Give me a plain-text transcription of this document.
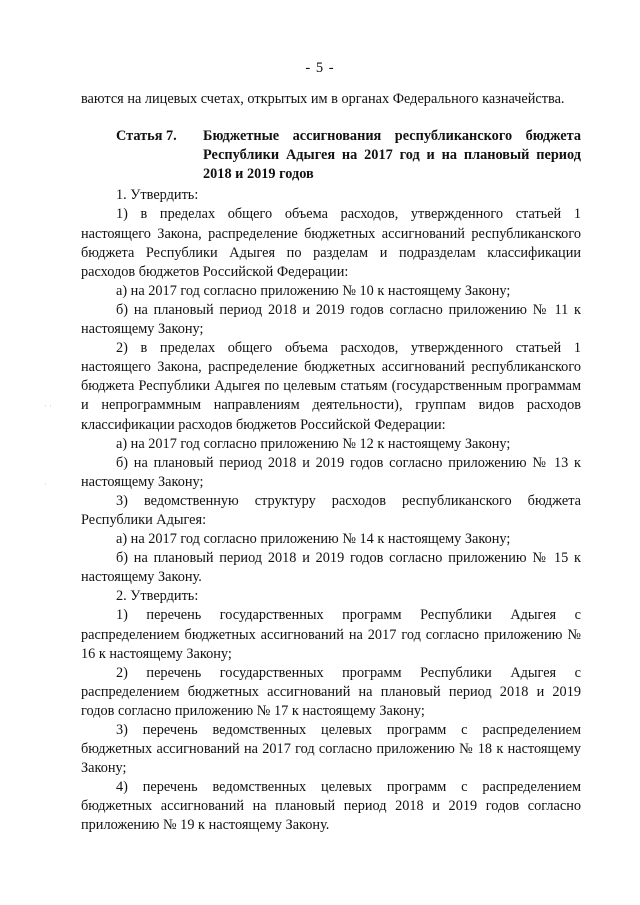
- 5 -

ваются на лицевых счетах, открытых им в органах Федерального казначейства.

Статья 7.	Бюджетные ассигнования республиканского бюджета Республики Адыгея на 2017 год и на плановый период 2018 и 2019 годов

1. Утвердить:

1) в пределах общего объема расходов, утвержденного статьей 1 настоящего Закона, распределение бюджетных ассигнований республиканского бюджета Республики Адыгея по разделам и подразделам классификации расходов бюджетов Российской Федерации:

а) на 2017 год согласно приложению № 10 к настоящему Закону;

б) на плановый период 2018 и 2019 годов согласно приложению № 11 к настоящему Закону;

2) в пределах общего объема расходов, утвержденного статьей 1 настоящего Закона, распределение бюджетных ассигнований республиканского бюджета Республики Адыгея по целевым статьям (государственным программам и непрограммным направлениям деятельности), группам видов расходов классификации расходов бюджетов Российской Федерации:

а) на 2017 год согласно приложению № 12 к настоящему Закону;

б) на плановый период 2018 и 2019 годов согласно приложению № 13 к настоящему Закону;

3) ведомственную структуру расходов республиканского бюджета Республики Адыгея:

а) на 2017 год согласно приложению № 14 к настоящему Закону;

б) на плановый период 2018 и 2019 годов согласно приложению № 15 к настоящему Закону.

2. Утвердить:

1) перечень государственных программ Республики Адыгея с распределением бюджетных ассигнований на 2017 год согласно приложению № 16 к настоящему Закону;

2) перечень государственных программ Республики Адыгея с распределением бюджетных ассигнований на плановый период 2018 и 2019 годов согласно приложению № 17 к настоящему Закону;

3) перечень ведомственных целевых программ с распределением бюджетных ассигнований на 2017 год согласно приложению № 18 к настоящему Закону;

4) перечень ведомственных целевых программ с распределением бюджетных ассигнований на плановый период 2018 и 2019 годов согласно приложению № 19 к настоящему Закону.

· ·
·
